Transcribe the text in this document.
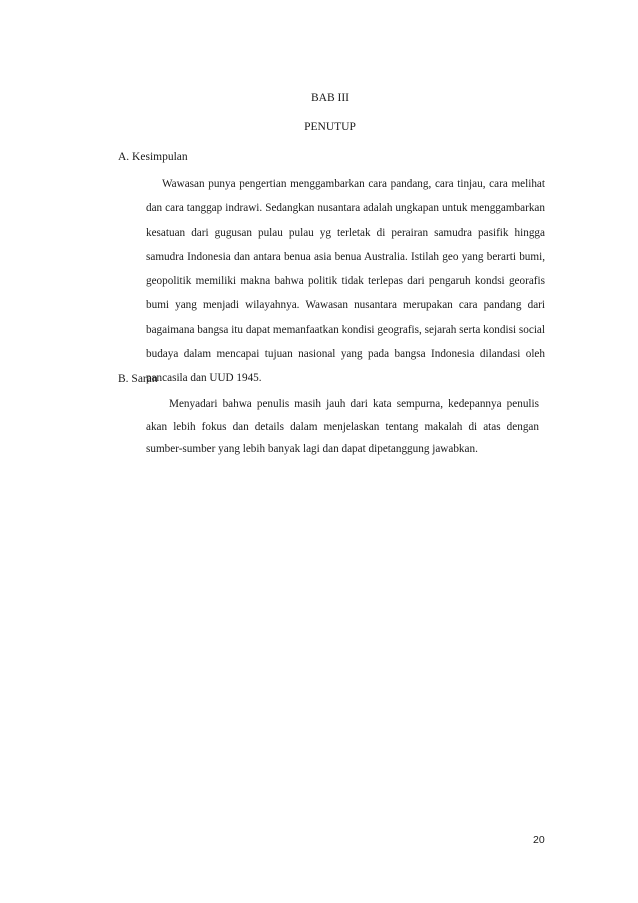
BAB III
PENUTUP
A. Kesimpulan

Wawasan punya pengertian menggambarkan cara pandang, cara tinjau, cara melihat dan cara tanggap indrawi. Sedangkan nusantara adalah ungkapan untuk menggambarkan kesatuan dari gugusan pulau pulau yg terletak di perairan samudra pasifik hingga samudra Indonesia dan antara benua asia benua Australia. Istilah geo yang berarti bumi, geopolitik memiliki makna bahwa politik tidak terlepas dari pengaruh kondsi georafis bumi yang menjadi wilayahnya. Wawasan nusantara merupakan cara pandang dari bagaimana bangsa itu dapat memanfaatkan kondisi geografis, sejarah serta kondisi social budaya dalam mencapai tujuan nasional yang pada bangsa Indonesia dilandasi oleh pancasila dan UUD 1945.

B. Saran

Menyadari bahwa penulis masih jauh dari kata sempurna, kedepannya penulis akan lebih fokus dan details dalam menjelaskan tentang makalah di atas dengan sumber-sumber yang lebih banyak lagi dan dapat dipetanggung jawabkan.

20
